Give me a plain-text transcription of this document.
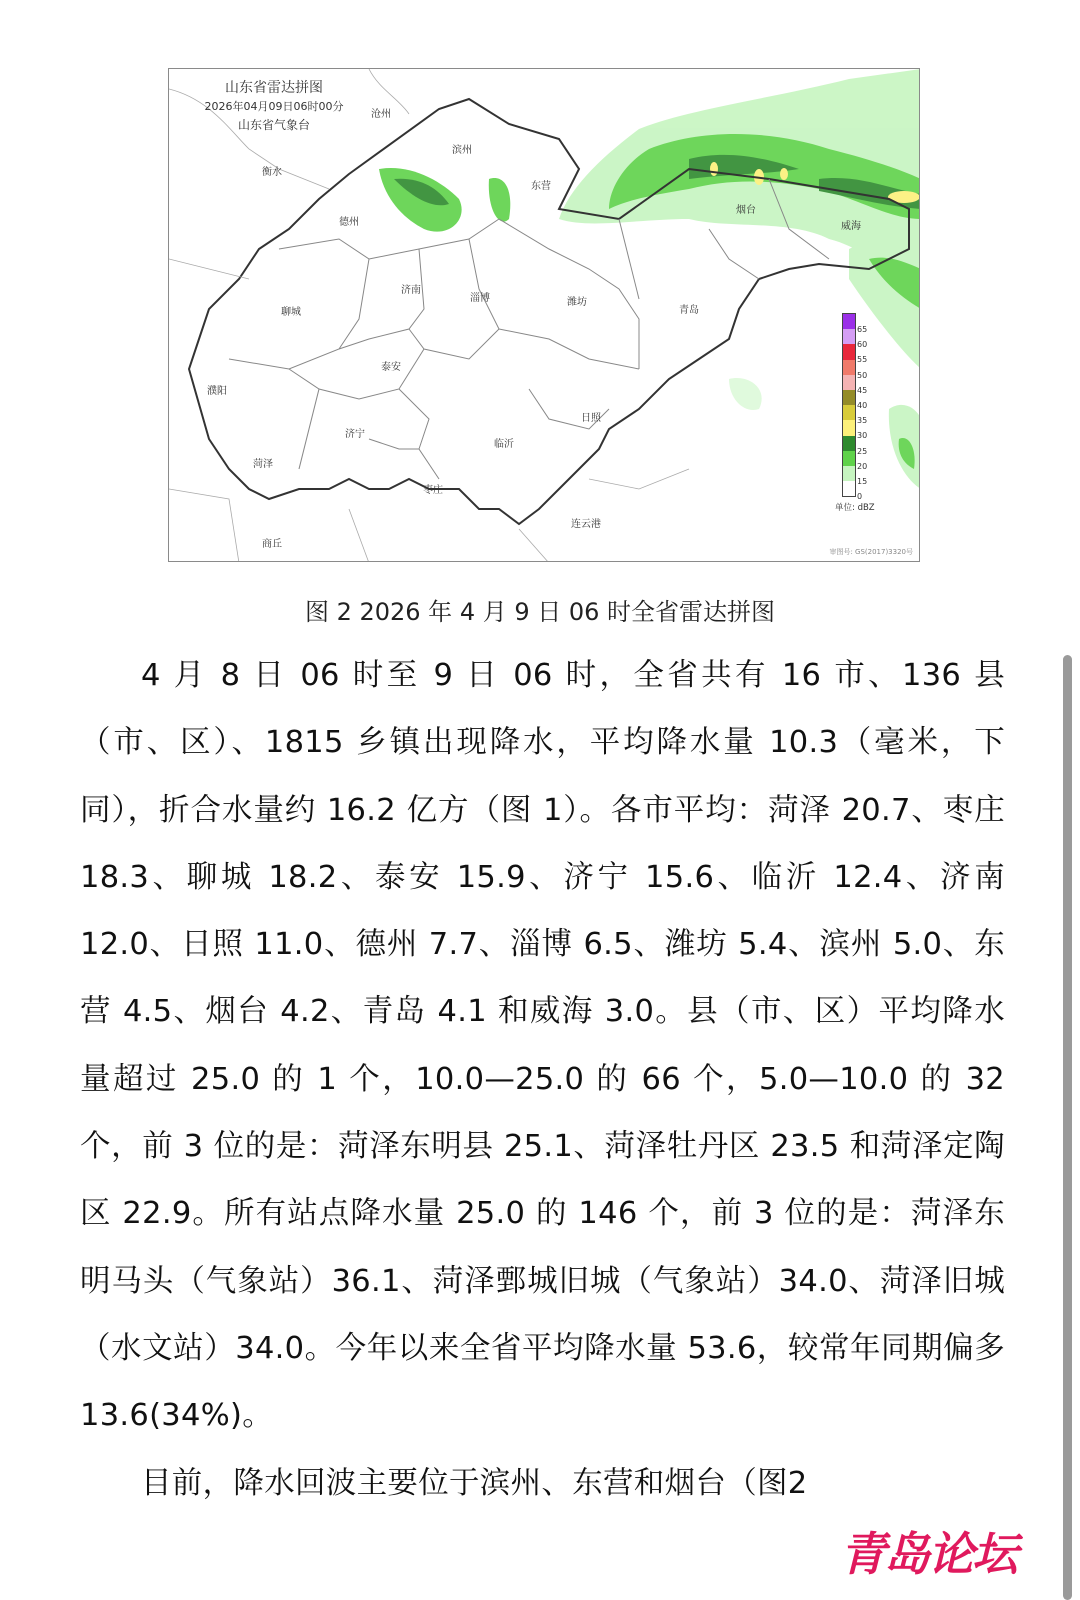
山东省雷达拼图
2026年04月09日06时00分
山东省气象台
沧州
衡水
德州
滨州
东营
烟台
威海
聊城
济南
淄博	潍坊
青岛
泰安
濮阳
济宁
日照
临沂
菏泽
枣庄
连云港
商丘
65
60
55
50
45
40
35
30
25
20
15
0
单位: dBZ
审图号: GS(2017)3320号
图 2 2026 年 4 月 9 日 06 时全省雷达拼图

4 月 8 日 06 时至 9 日 06 时，全省共有 16 市、136 县（市、区）、1815 乡镇出现降水，平均降水量 10.3（毫米，下同），折合水量约 16.2 亿方（图 1）。各市平均：菏泽 20.7、枣庄 18.3、聊城 18.2、泰安 15.9、济宁 15.6、临沂 12.4、济南 12.0、日照 11.0、德州 7.7、淄博 6.5、潍坊 5.4、滨州 5.0、东营 4.5、烟台 4.2、青岛 4.1 和威海 3.0。县（市、区）平均降水量超过 25.0 的 1 个，10.0—25.0 的 66 个，5.0—10.0 的 32 个，前 3 位的是：菏泽东明县 25.1、菏泽牡丹区 23.5 和菏泽定陶区 22.9。所有站点降水量 25.0 的 146 个，前 3 位的是：菏泽东明马头（气象站）36.1、菏泽鄄城旧城（气象站）34.0、菏泽旧城（水文站）34.0。今年以来全省平均降水量 53.6，较常年同期偏多 13.6(34%)。

目前，降水回波主要位于滨州、东营和烟台（图2

青岛论坛
